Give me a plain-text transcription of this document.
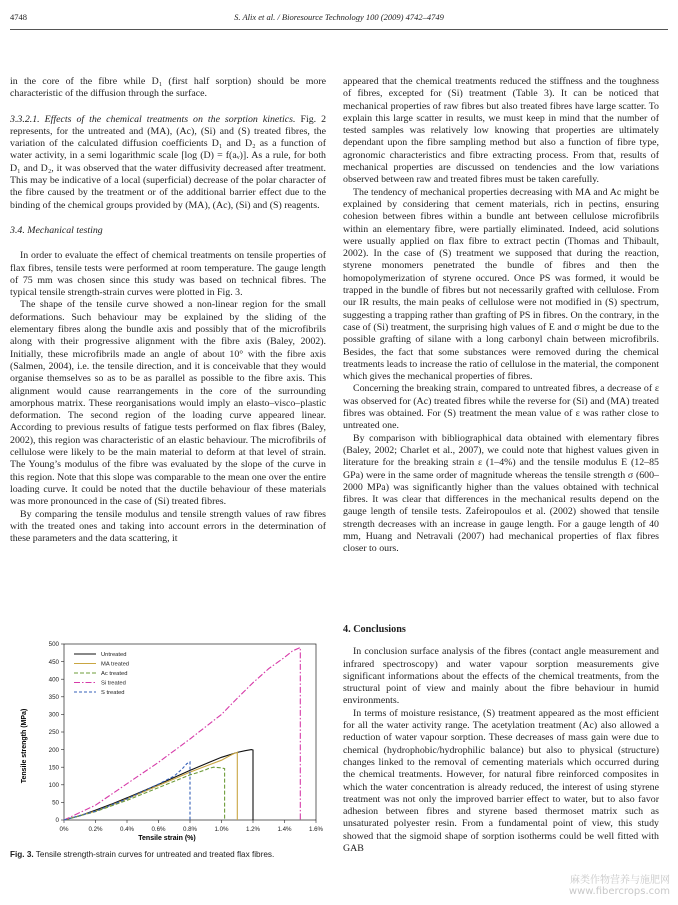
4748	S. Alix et al. / Bioresource Technology 100 (2009) 4742–4749

in the core of the fibre while D₁ (first half sorption) should be more characteristic of the diffusion through the surface.

3.3.2.1. Effects of the chemical treatments on the sorption kinetics. Fig. 2 represents, for the untreated and (MA), (Ac), (Si) and (S) treated fibres, the variation of the calculated diffusion coefficients D₁ and D₂ as a function of water activity, in a semi logarithmic scale [log (D) = f(aᵥ)]. As a rule, for both D₁ and D₂, it was observed that the water diffusivity decreased after treatment. This may be indicative of a local (superficial) decrease of the polar character of the fibre caused by the treatment or of the additional barrier effect due to the binding of the chemical groups provided by (MA), (Ac), (Si) and (S) reagents.

3.4. Mechanical testing

In order to evaluate the effect of chemical treatments on tensile properties of flax fibres, tensile tests were performed at room temperature. The gauge length of 75 mm was chosen since this study was based on technical fibres. The typical tensile strength-strain curves were plotted in Fig. 3.

The shape of the tensile curve showed a non-linear region for the small deformations. Such behaviour may be explained by the sliding of the elementary fibres along the bundle axis and possibly that of the microfibrils along with their progressive alignment with the fibre axis (Baley, 2002). Initially, these microfibrils made an angle of about 10° with the fibre axis (Salmen, 2004), i.e. the tensile direction, and it is conceivable that they would organise themselves so as to be as parallel as possible to the fibre axis. This alignment would cause rearrangements in the core of the surrounding amorphous matrix. These reorganisations would imply an elasto–visco–plastic deformation. The second region of the loading curve appeared linear. According to previous results of fatigue tests performed on flax fibres (Baley, 2002), this region was characteristic of an elastic behaviour. The microfibrils of cellulose were likely to be the main material to deform at that level of strain. The Young’s modulus of the fibre was evaluated by the slope of the curve in this region. Note that this slope was comparable to the mean one over the entire loading curve. It could be noted that the ductile behaviour of these materials was more pronounced in the case of (Si) treated fibres.

By comparing the tensile modulus and tensile strength values of raw fibres with the treated ones and taking into account errors in the determination of these parameters and the data scattering, it

appeared that the chemical treatments reduced the stiffness and the toughness of fibres, excepted for (Si) treatment (Table 3). It can be noticed that mechanical properties of raw fibres but also treated fibres have large scatter. To explain this large scatter in results, we must keep in mind that the number of tested samples was relatively low knowing that properties are ultimately dependant upon the fibre sampling method but also a function of fibre type, agronomic characteristics and fibre extracting process. From that, results of mechanical properties are discussed on tendencies and the low variations observed between raw and treated fibres must be taken carefully.

The tendency of mechanical properties decreasing with MA and Ac might be explained by considering that cement materials, rich in pectins, ensuring cohesion between fibres within a bundle ant between cellulose microfibrils within an elementary fibre, were partially eliminated. Indeed, acid solutions were usually applied on flax fibre to extract pectin (Thomas and Thibault, 2002). In the case of (S) treatment we supposed that during the reaction, styrene monomers penetrated the bundle of fibres and then the homopolymerization of styrene occured. Once PS was formed, it would be trapped in the bundle of fibres but not necessarily grafted with cellulose. From our IR results, the main peaks of cellulose were not modified in (S) spectrum, suggesting a trapping rather than grafting of PS in fibres. On the contrary, in the case of (Si) treatment, the surprising high values of E and σ might be due to the possible grafting of silane with a long carbonyl chain between microfibrils. Besides, the fact that some substances were removed during the chemical treatments leads to increase the ratio of cellulose in the material, the component which gives the mechanical properties of fibres.

Concerning the breaking strain, compared to untreated fibres, a decrease of ε was observed for (Ac) treated fibres while the reverse for (Si) and (MA) treated fibres was obtained. For (S) treatment the mean value of ε was rather close to untreated one.

By comparison with bibliographical data obtained with elementary fibres (Baley, 2002; Charlet et al., 2007), we could note that highest values given in literature for the breaking strain ε (1–4%) and the tensile modulus E (12–85 GPa) were in the same order of magnitude whereas the tensile strength σ (600–2000 MPa) was significantly higher than the values obtained with technical fibres. It was clear that differences in the mechanical results depend on the gauge length of tensile tests. Zafeiropoulos et al. (2002) showed that tensile strength decreases with an increase in gauge length. For a gauge length of 40 mm, Huang and Netravali (2007) had mechanical properties of flax fibres closer to ours.

4. Conclusions

In conclusion surface analysis of the fibres (contact angle measurement and infrared spectroscopy) and water vapour sorption measurements give significant informations about the effects of the chemical treatments, from the structural point of view and mainly about the fibre behaviour in humid environments.

In terms of moisture resistance, (S) treatment appeared as the most efficient for all the water activity range. The acetylation treatment (Ac) also allowed a reduction of water vapour sorption. These decreases of mass gain were due to chemical (hydrophobic/hydrophilic balance) but also to physical (structure) changes linked to the removal of cementing materials which occurred during the chemical treatments. However, for natural fibre reinforced composites in which the water concentration is already reduced, the interest of using styrene treatment was not only the improved barrier effect to water, but to also favor adhesion between fibres and styrene based thermoset matrix such as unsaturated polyester resin. From a fundamental point of view, this study showed that the sigmoid shape of sorption isotherms could be well fitted with GAB

Tensile strength (MPa)
Tensile strain (%)
0%	0.2%	0.4%	0.6%	0.8%	1.0%	1.2%	1.4%	1.6%
0
50
100
150
200
250
300
350
400
450
500
Untreated
MA treated
Ac treated
Si treated
S treated
Fig. 3. Tensile strength-strain curves for untreated and treated flax fibres.
麻类作物营养与施肥网
www.fibercrops.com
